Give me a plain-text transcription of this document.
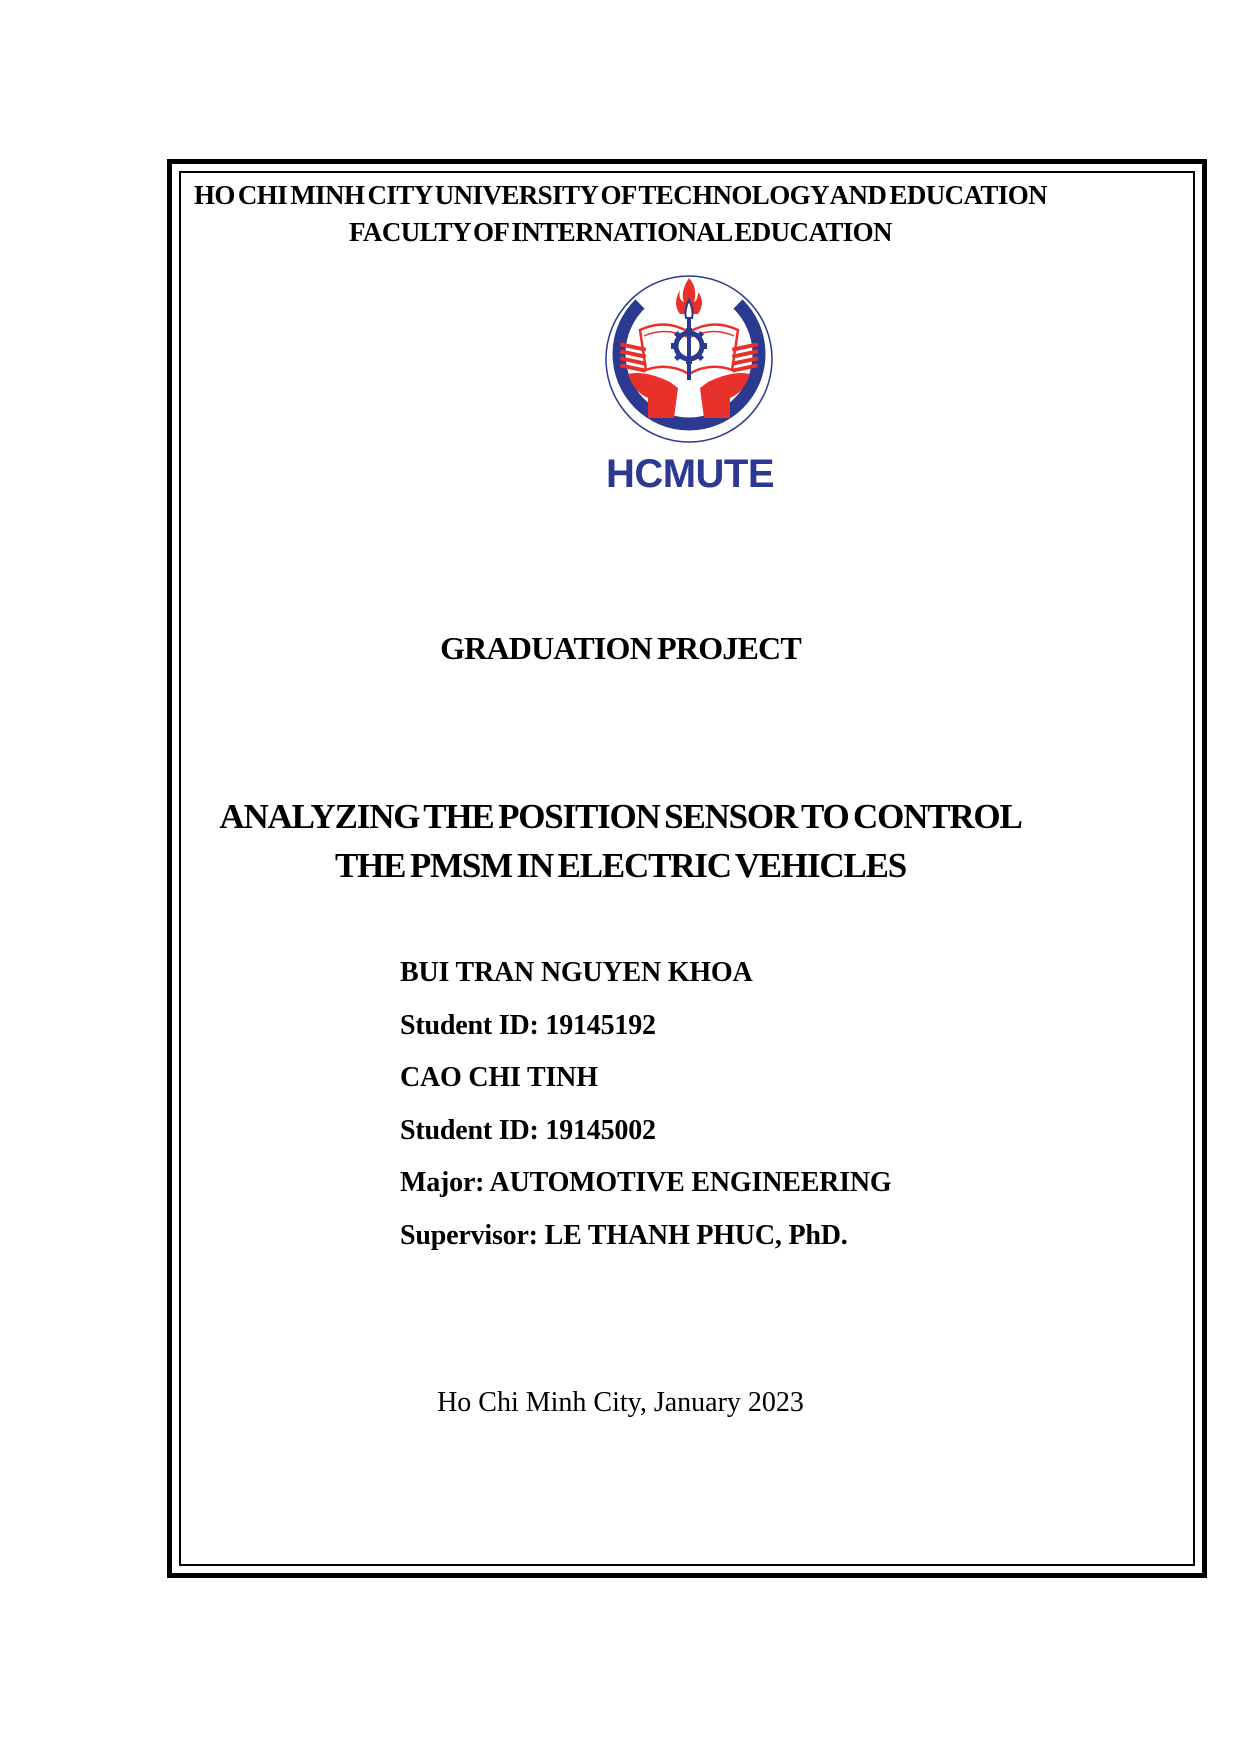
HO CHI MINH CITY UNIVERSITY OF TECHNOLOGY AND EDUCATION
FACULTY OF INTERNATIONAL EDUCATION
HCMUTE
GRADUATION PROJECT
ANALYZING THE POSITION SENSOR TO CONTROL
THE PMSM IN ELECTRIC VEHICLES
BUI TRAN NGUYEN KHOA
Student ID: 19145192
CAO CHI TINH
Student ID: 19145002
Major: AUTOMOTIVE ENGINEERING
Supervisor: LE THANH PHUC, PhD.
Ho Chi Minh City, January 2023
